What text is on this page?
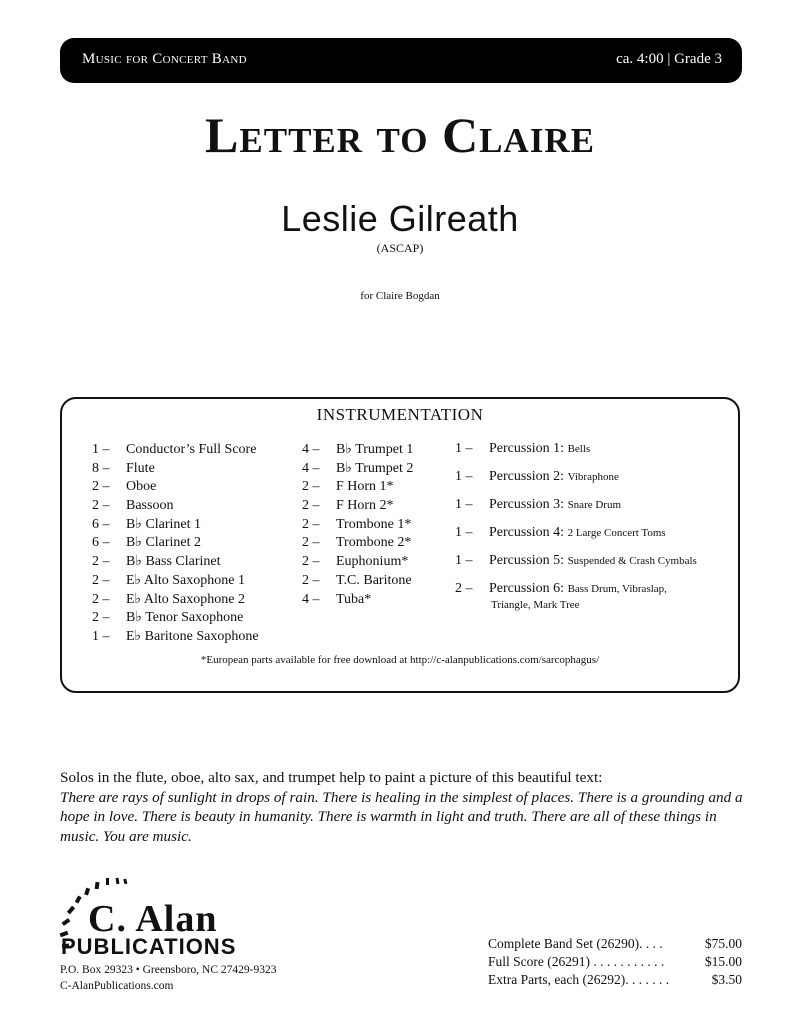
Music for Concert Band	ca. 4:00 | Grade 3
Letter to Claire
Leslie Gilreath
(ASCAP)
for Claire Bogdan
INSTRUMENTATION
1 – Conductor’s Full Score
8 – Flute
2 – Oboe
2 – Bassoon
6 – B♭ Clarinet 1
6 – B♭ Clarinet 2
2 – B♭ Bass Clarinet
2 – E♭ Alto Saxophone 1
2 – E♭ Alto Saxophone 2
2 – B♭ Tenor Saxophone
1 – E♭ Baritone Saxophone
4 – B♭ Trumpet 1
4 – B♭ Trumpet 2
2 – F Horn 1*
2 – F Horn 2*
2 – Trombone 1*
2 – Trombone 2*
2 – Euphonium*
2 – T.C. Baritone
4 – Tuba*
1 – Percussion 1: Bells
1 – Percussion 2: Vibraphone
1 – Percussion 3: Snare Drum
1 – Percussion 4: 2 Large Concert Toms
1 – Percussion 5: Suspended & Crash Cymbals
2 – Percussion 6: Bass Drum, Vibraslap,
Triangle, Mark Tree
*European parts available for free download at http://c-alanpublications.com/sarcophagus/
Solos in the flute, oboe, alto sax, and trumpet help to paint a picture of this beautiful text:
There are rays of sunlight in drops of rain. There is healing in the simplest of places. There is a grounding and a hope in love. There is beauty in humanity. There is warmth in light and truth. There are all of these things in music. You are music.
C. Alan
PUBLICATIONS
P.O. Box 29323 • Greensboro, NC 27429-9323
C-AlanPublications.com
Complete Band Set (26290). . . .	$75.00
Full Score (26291) . . . . . . . . . . .	$15.00
Extra Parts, each (26292). . . . . . .	$3.50
